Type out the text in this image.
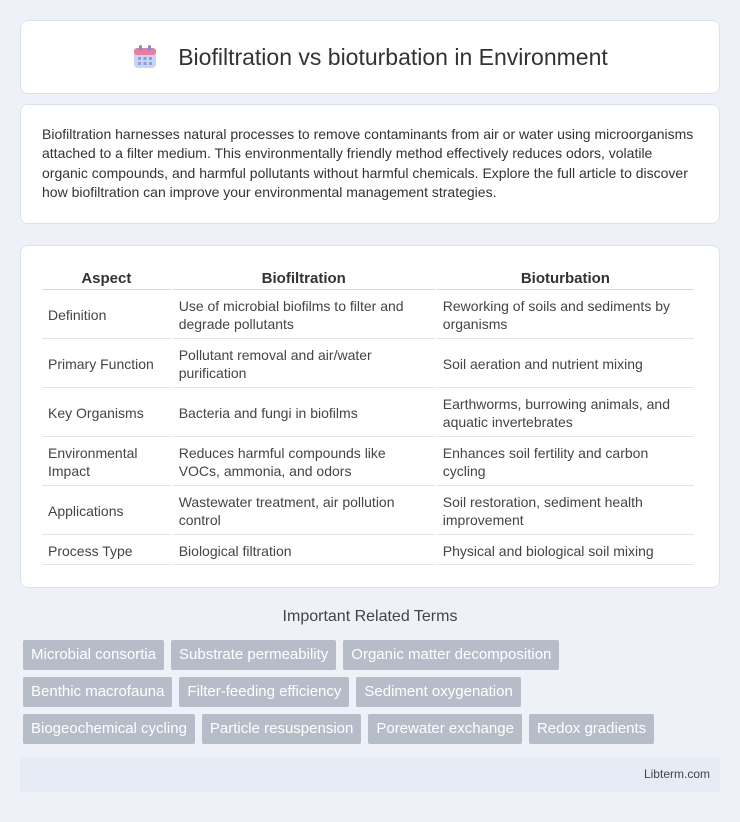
Biofiltration vs bioturbation in Environment

Biofiltration harnesses natural processes to remove contaminants from air or water using microorganisms attached to a filter medium. This environmentally friendly method effectively reduces odors, volatile organic compounds, and harmful pollutants without harmful chemicals. Explore the full article to discover how biofiltration can improve your environmental management strategies.

Aspect	Biofiltration	Bioturbation
Definition	Use of microbial biofilms to filter and degrade pollutants	Reworking of soils and sediments by organisms
Primary Function	Pollutant removal and air/water purification	Soil aeration and nutrient mixing
Key Organisms	Bacteria and fungi in biofilms	Earthworms, burrowing animals, and aquatic invertebrates
Environmental Impact	Reduces harmful compounds like VOCs, ammonia, and odors	Enhances soil fertility and carbon cycling
Applications	Wastewater treatment, air pollution control	Soil restoration, sediment health improvement
Process Type	Biological filtration	Physical and biological soil mixing
Important Related Terms
Microbial consortia	Substrate permeability	Organic matter decomposition
Benthic macrofauna	Filter-feeding efficiency	Sediment oxygenation
Biogeochemical cycling	Particle resuspension	Porewater exchange	Redox gradients
Libterm.com
